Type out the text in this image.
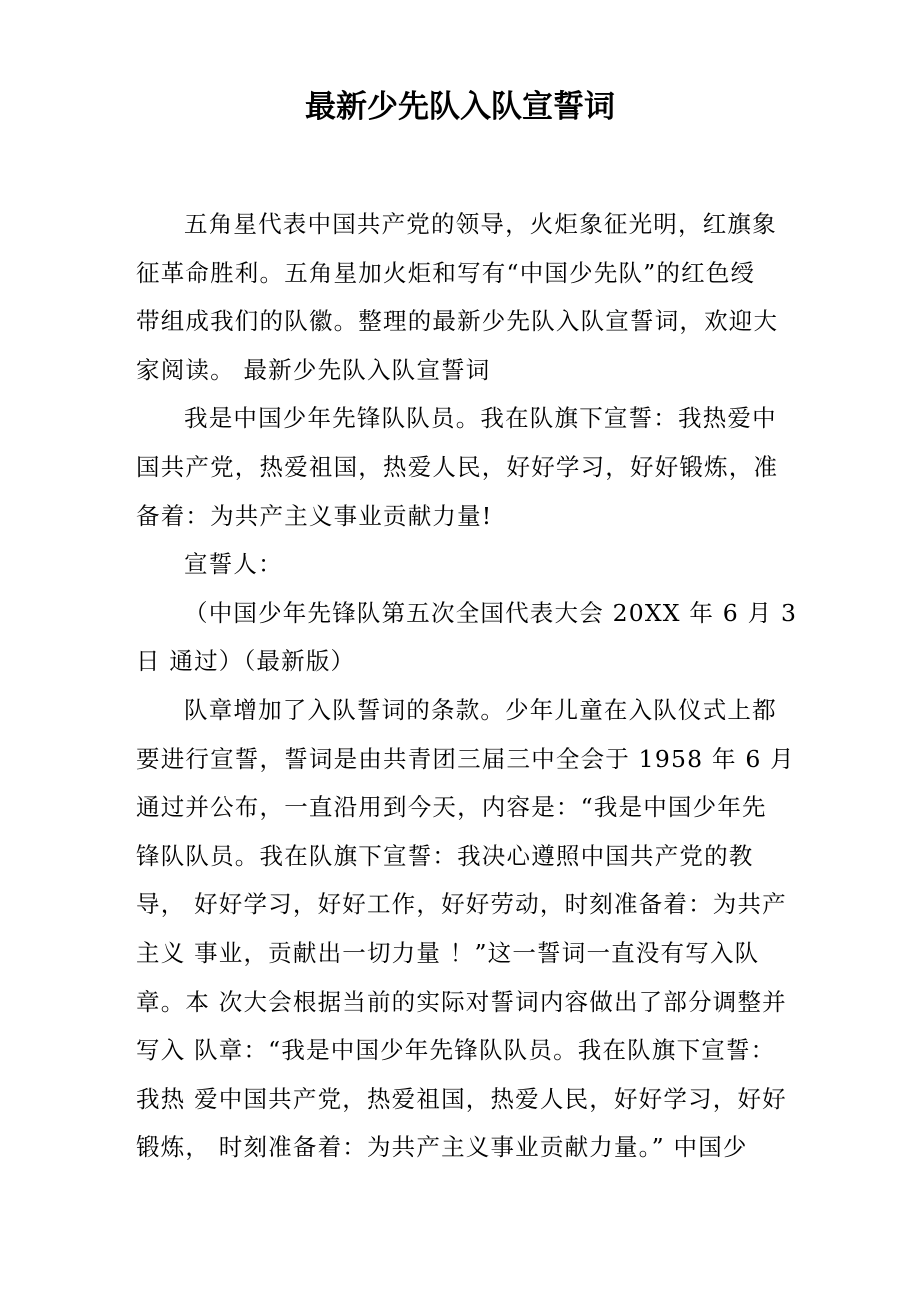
最新少先队入队宣誓词
五角星代表中国共产党的领导，火炬象征光明，红旗象
征革命胜利。五角星加火炬和写有“中国少先队”的红色绶
带组成我们的队徽。整理的最新少先队入队宣誓词，欢迎大
家阅读。 最新少先队入队宣誓词
我是中国少年先锋队队员。我在队旗下宣誓：我热爱中
国共产党，热爱祖国，热爱人民，好好学习，好好锻炼，准
备着：为共产主义事业贡献力量!
宣誓人：
（中国少年先锋队第五次全国代表大会 20XX 年 6 月 3
日 通过）（最新版）
队章增加了入队誓词的条款。少年儿童在入队仪式上都
要进行宣誓，誓词是由共青团三届三中全会于 1958 年 6 月
通过并公布，一直沿用到今天，内容是：“我是中国少年先
锋队队员。我在队旗下宣誓：我决心遵照中国共产党的教
导， 好好学习，好好工作，好好劳动，时刻准备着：为共产
主义 事业，贡献出一切力量 ！”这一誓词一直没有写入队
章。本 次大会根据当前的实际对誓词内容做出了部分调整并
写入 队章：“我是中国少年先锋队队员。我在队旗下宣誓：
我热 爱中国共产党，热爱祖国，热爱人民，好好学习，好好
锻炼， 时刻准备着：为共产主义事业贡献力量。” 中国少
